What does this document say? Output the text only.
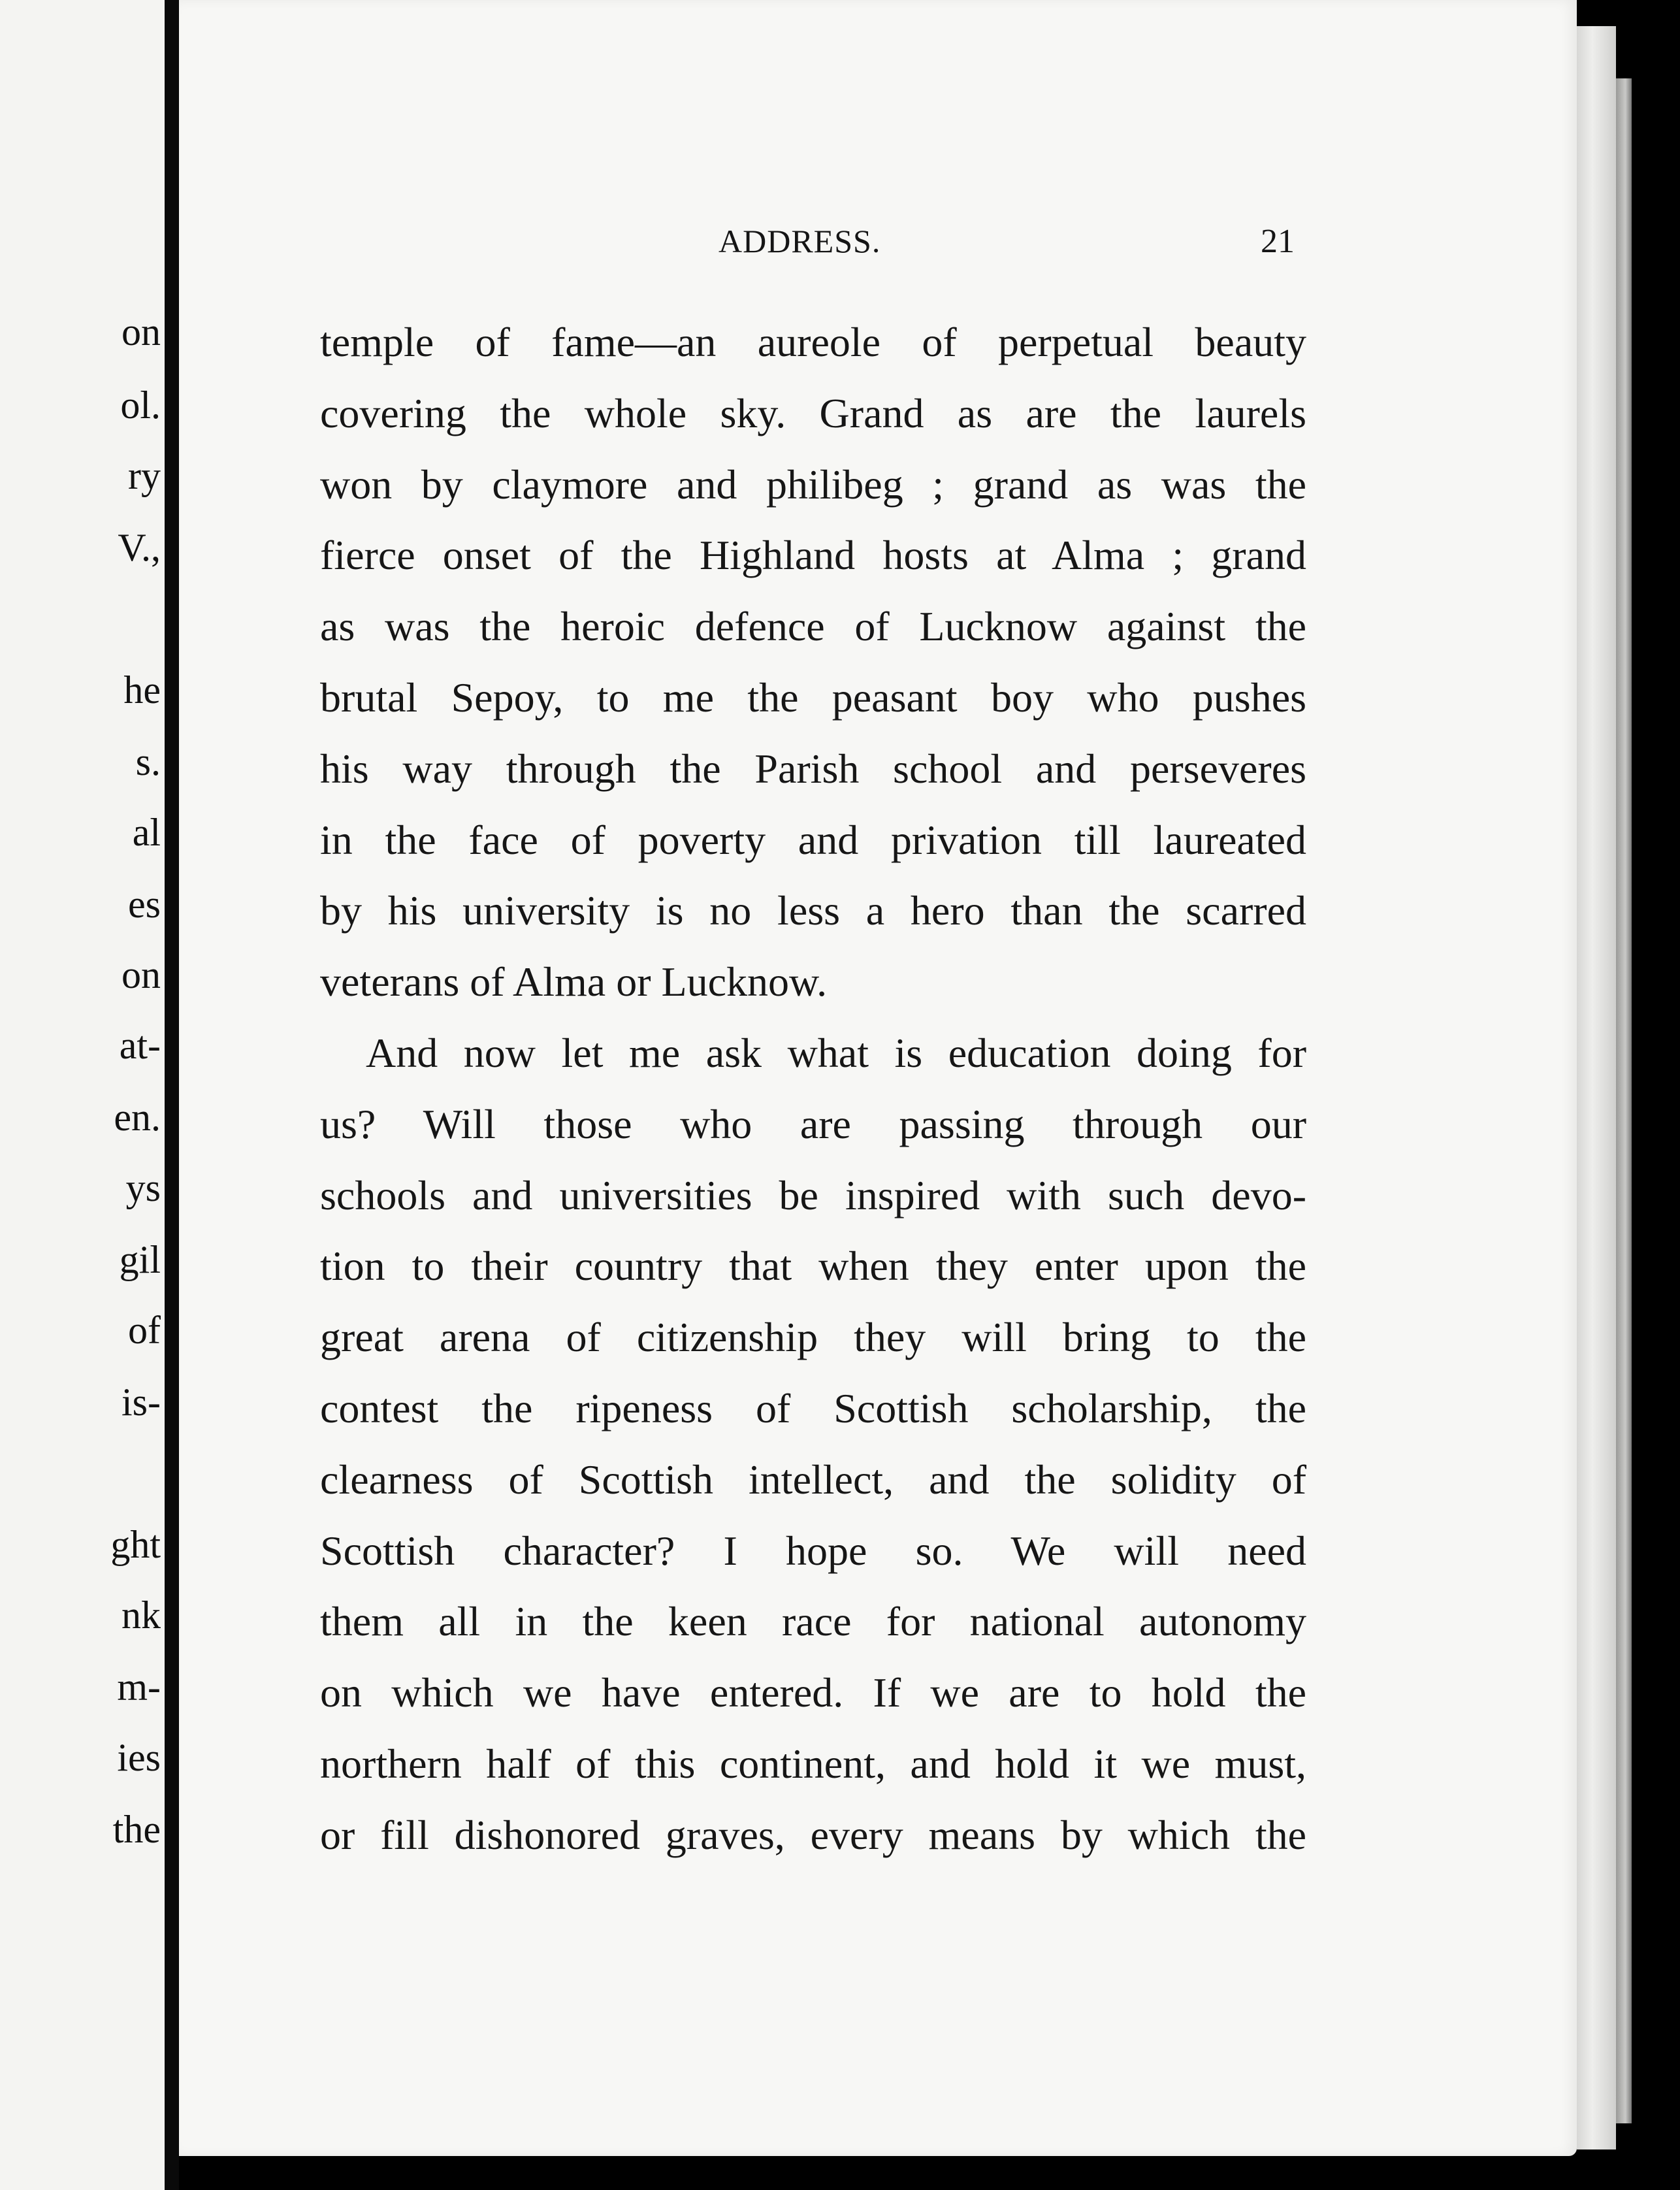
on
ol.
ry
V.,
he
s.
al
es
on
at-
en.
ys
gil
of
is-
ght
nk
m-
ies
the
ADDRESS.	21
temple of fame—an aureole of perpetual beauty
covering the whole sky. Grand as are the laurels
won by claymore and philibeg ; grand as was the
fierce onset of the Highland hosts at Alma ; grand
as was the heroic defence of Lucknow against the
brutal Sepoy, to me the peasant boy who pushes
his way through the Parish school and perseveres
in the face of poverty and privation till laureated
by his university is no less a hero than the scarred
veterans of Alma or Lucknow.
And now let me ask what is education doing for
us? Will those who are passing through our
schools and universities be inspired with such devo-
tion to their country that when they enter upon the
great arena of citizenship they will bring to the
contest the ripeness of Scottish scholarship, the
clearness of Scottish intellect, and the solidity of
Scottish character? I hope so. We will need
them all in the keen race for national autonomy
on which we have entered. If we are to hold the
northern half of this continent, and hold it we must,
or fill dishonored graves, every means by which the
